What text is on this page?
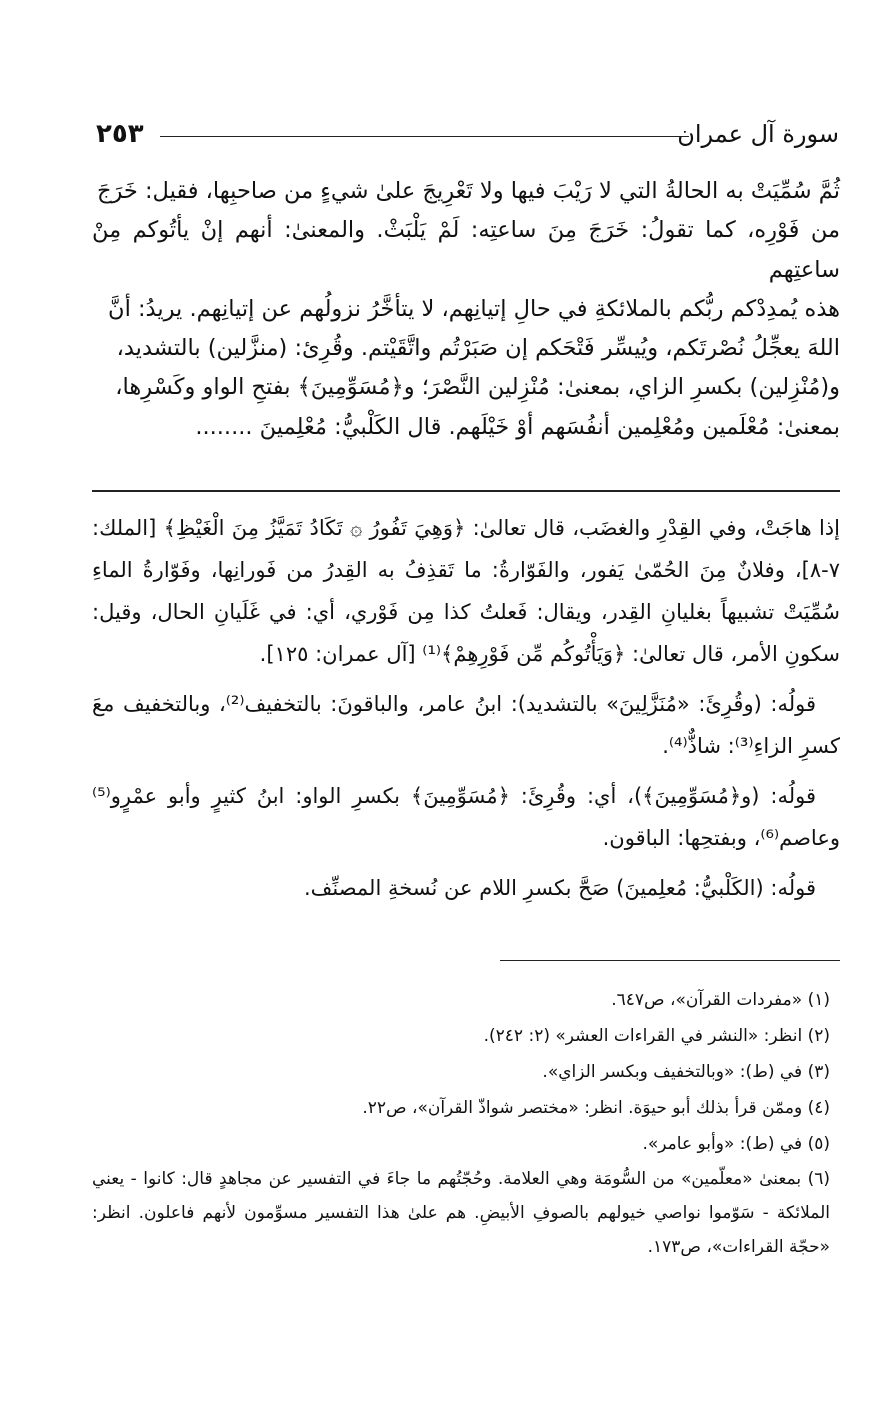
سورة آل عمران
٢٥٣
ثُمَّ سُمِّيَتْ به الحالةُ التي لا رَيْبَ فيها ولا تَعْرِيجَ علىٰ شيءٍ من صاحبِها، فقيل: خَرَجَ
من فَوْرِه، كما تقولُ: خَرَجَ مِنَ ساعتِه: لَمْ يَلْبَثْ. والمعنىٰ: أنهم إنْ يأتُوكم مِنْ ساعتِهم
هذه يُمدِدْكم ربُّكم بالملائكةِ في حالِ إتيانِهم، لا يتأخَّرُ نزولُهم عن إتيانِهم. يريدُ: أنَّ
اللهَ يعجِّلُ نُصْرتَكم، ويُيسِّر فَتْحَكم إن صَبَرْتُم واتَّقَيْتم. وقُرِئ: (منزَّلين) بالتشديد،
و(مُنْزِلين) بكسرِ الزاي، بمعنىٰ: مُنْزِلين النَّصْرَ؛ و﴿مُسَوِّمِينَ﴾ بفتحِ الواو وكَسْرِها،
بمعنىٰ: مُعْلَمين ومُعْلِمين أنفُسَهم أوْ خَيْلَهم. قال الكَلْبيُّ: مُعْلِمينَ ........

إذا هاجَتْ، وفي القِدْرِ والغضَب، قال تعالىٰ: ﴿وَهِيَ تَفُورُ ۞ تَكَادُ تَمَيَّزُ مِنَ الْغَيْظِ﴾ [الملك: ٧-٨]، وفلانٌ مِنَ الحُمّىٰ يَفور، والفَوّارةُ: ما تَقذِفُ به القِدرُ من فَورانِها، وفَوّارةُ الماءِ سُمِّيَتْ تشبيهاً بغليانِ القِدر، ويقال: فَعلتُ كذا مِن فَوْري، أي: في غَلَيانِ الحال، وقيل: سكونِ الأمر، قال تعالىٰ: ﴿وَيَأْتُوكُم مِّن فَوْرِهِمْ﴾⁽¹⁾ [آل عمران: ١٢٥].

قولُه: (وقُرِئَ: «مُنَزَّلِينَ» بالتشديد): ابنُ عامر، والباقونَ: بالتخفيف⁽²⁾، وبالتخفيف معَ كسرِ الزاءِ⁽³⁾: شاذٌّ⁽⁴⁾.

قولُه: (و﴿مُسَوِّمِينَ﴾)، أي: وقُرِئَ: ﴿مُسَوِّمِينَ﴾ بكسرِ الواو: ابنُ كثيرٍ وأبو عمْرٍو⁽⁵⁾ وعاصم⁽⁶⁾، وبفتحِها: الباقون.

قولُه: (الكَلْبيُّ: مُعلِمينَ) صَحَّ بكسرِ اللام عن نُسخةِ المصنِّف.

(١) «مفردات القرآن»، ص٦٤٧.

(٢) انظر: «النشر في القراءات العشر» (٢: ٢٤٢).

(٣) في (ط): «وبالتخفيف وبكسر الزاي».

(٤) وممّن قرأ بذلك أبو حيوَة. انظر: «مختصر شواذّ القرآن»، ص٢٢.

(٥) في (ط): «وأبو عامر».

(٦) بمعنىٰ «معلّمين» من السُّومَة وهي العلامة. وحُجّتُهم ما جاءَ في التفسير عن مجاهدٍ قال: كانوا - يعني الملائكة - سَوّموا نواصي خيولهم بالصوفِ الأبيضِ. هم علىٰ هذا التفسير مسوِّمون لأنهم فاعلون. انظر: «حجّة القراءات»، ص١٧٣.
